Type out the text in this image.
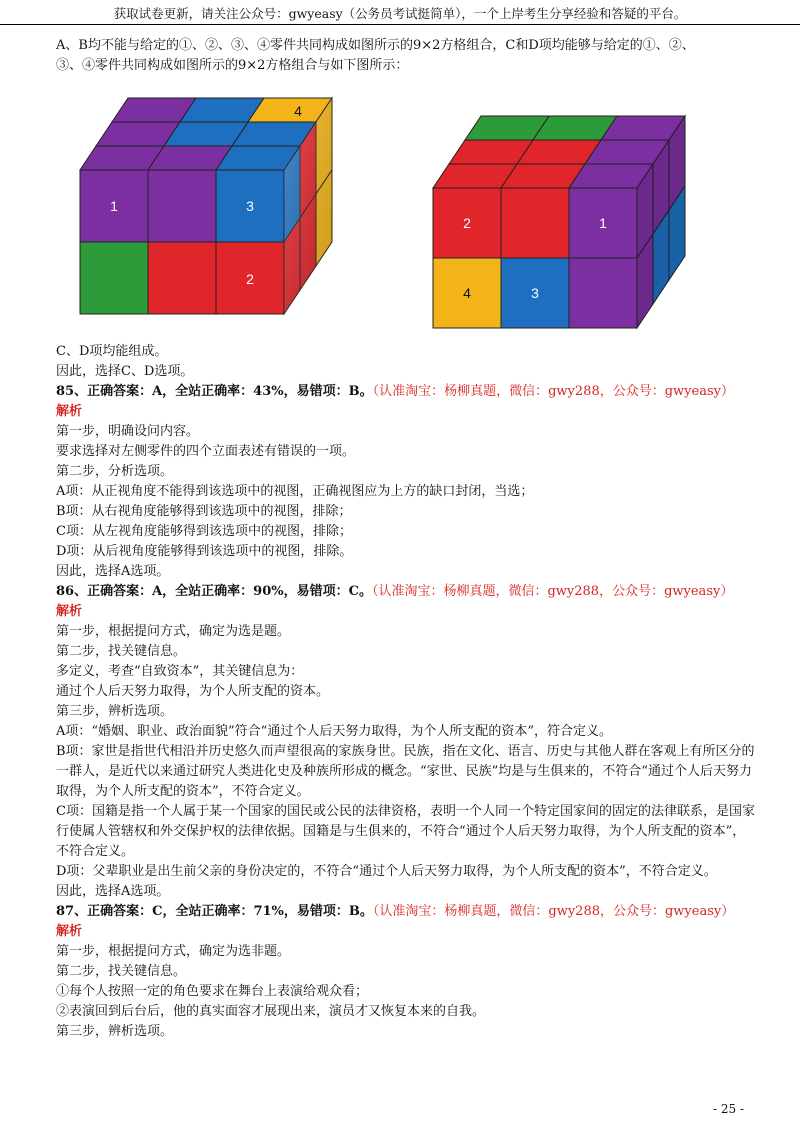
获取试卷更新，请关注公众号：gwyeasy（公务员考试挺简单），一个上岸考生分享经验和答疑的平台。
A、B均不能与给定的①、②、③、④零件共同构成如图所示的9×2方格组合，C和D项均能够与给定的①、②、
③、④零件共同构成如图所示的9×2方格组合与如下图所示：
1	3
2
4
2	1
3
4
C、D项均能组成。
因此，选择C、D选项。
85、正确答案：A，全站正确率：43%，易错项：B。（认准淘宝：杨柳真题，微信：gwy288，公众号：gwyeasy）
解析
第一步，明确设问内容。
要求选择对左侧零件的四个立面表述有错误的一项。
第二步，分析选项。
A项：从正视角度不能得到该选项中的视图，正确视图应为上方的缺口封闭，当选；
B项：从右视角度能够得到该选项中的视图，排除；
C项：从左视角度能够得到该选项中的视图，排除；
D项：从后视角度能够得到该选项中的视图，排除。
因此，选择A选项。
86、正确答案：A，全站正确率：90%，易错项：C。（认准淘宝：杨柳真题，微信：gwy288，公众号：gwyeasy）
解析
第一步，根据提问方式，确定为选是题。
第二步，找关键信息。
多定义，考查“自致资本”，其关键信息为：
通过个人后天努力取得，为个人所支配的资本。
第三步，辨析选项。
A项：“婚姻、职业、政治面貌”符合“通过个人后天努力取得，为个人所支配的资本”，符合定义。
B项：家世是指世代相沿并历史悠久而声望很高的家族身世。民族，指在文化、语言、历史与其他人群在客观上有所区分的一群人，是近代以来通过研究人类进化史及种族所形成的概念。“家世、民族”均是与生俱来的，不符合“通过个人后天努力取得，为个人所支配的资本”，不符合定义。
C项：国籍是指一个人属于某一个国家的国民或公民的法律资格，表明一个人同一个特定国家间的固定的法律联系，是国家行使属人管辖权和外交保护权的法律依据。国籍是与生俱来的，不符合“通过个人后天努力取得，为个人所支配的资本”，不符合定义。
D项：父辈职业是出生前父亲的身份决定的，不符合“通过个人后天努力取得，为个人所支配的资本”，不符合定义。
因此，选择A选项。
87、正确答案：C，全站正确率：71%，易错项：B。（认准淘宝：杨柳真题，微信：gwy288，公众号：gwyeasy）
解析
第一步，根据提问方式，确定为选非题。
第二步，找关键信息。
①每个人按照一定的角色要求在舞台上表演给观众看；
②表演回到后台后，他的真实面容才展现出来，演员才又恢复本来的自我。
第三步，辨析选项。
- 25 -
